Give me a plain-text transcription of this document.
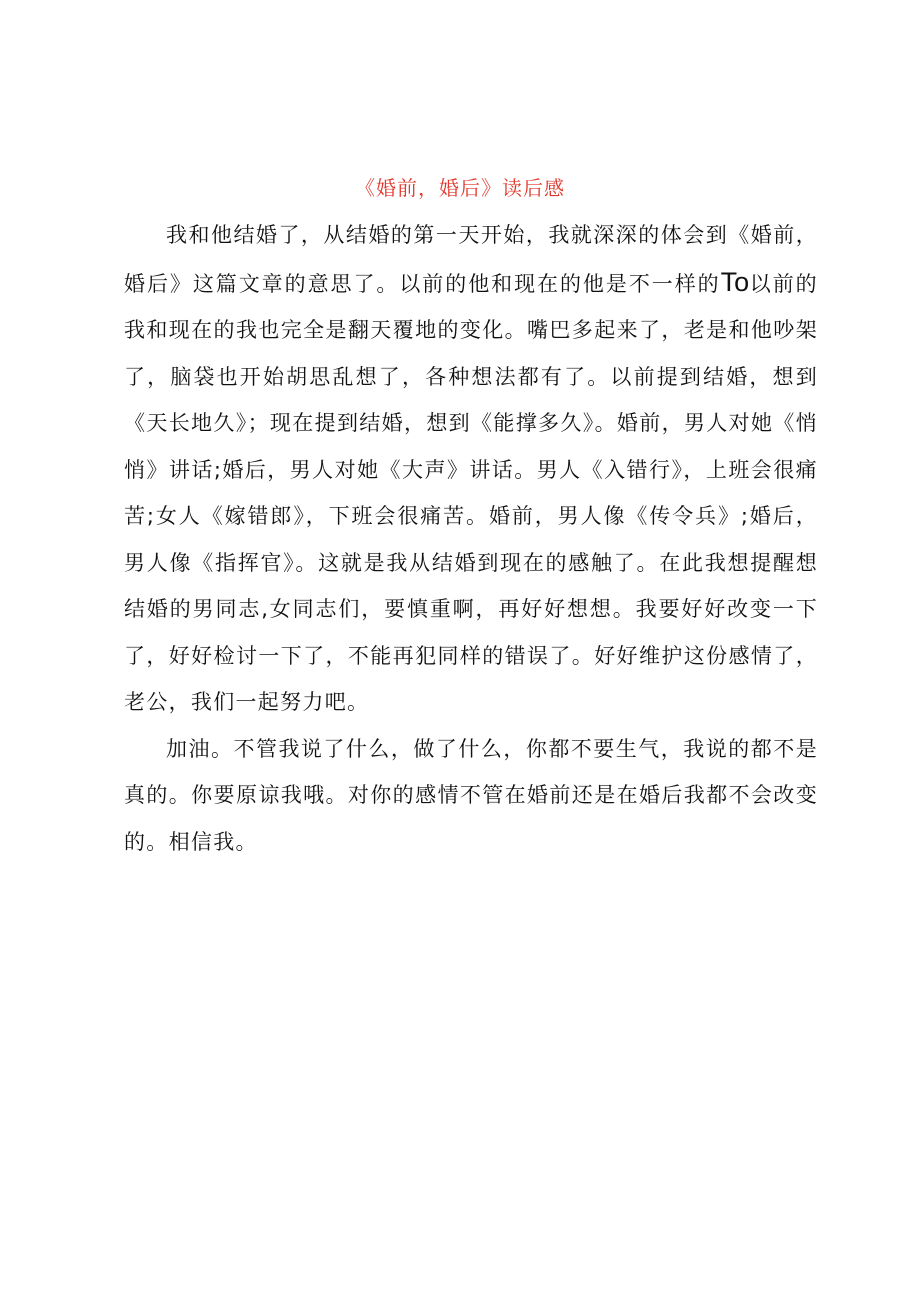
《婚前，婚后》读后感

我和他结婚了，从结婚的第一天开始，我就深深的体会到《婚前，婚后》这篇文章的意思了。以前的他和现在的他是不一样的To以前的我和现在的我也完全是翻天覆地的变化。嘴巴多起来了，老是和他吵架了，脑袋也开始胡思乱想了，各种想法都有了。以前提到结婚，想到《天长地久》；现在提到结婚，想到《能撑多久》。婚前，男人对她《悄悄》讲话;婚后，男人对她《大声》讲话。男人《入错行》，上班会很痛苦;女人《嫁错郎》，下班会很痛苦。婚前，男人像《传令兵》;婚后，男人像《指挥官》。这就是我从结婚到现在的感触了。在此我想提醒想结婚的男同志,女同志们，要慎重啊，再好好想想。我要好好改变一下了，好好检讨一下了，不能再犯同样的错误了。好好维护这份感情了，老公，我们一起努力吧。

加油。不管我说了什么，做了什么，你都不要生气，我说的都不是真的。你要原谅我哦。对你的感情不管在婚前还是在婚后我都不会改变的。相信我。
